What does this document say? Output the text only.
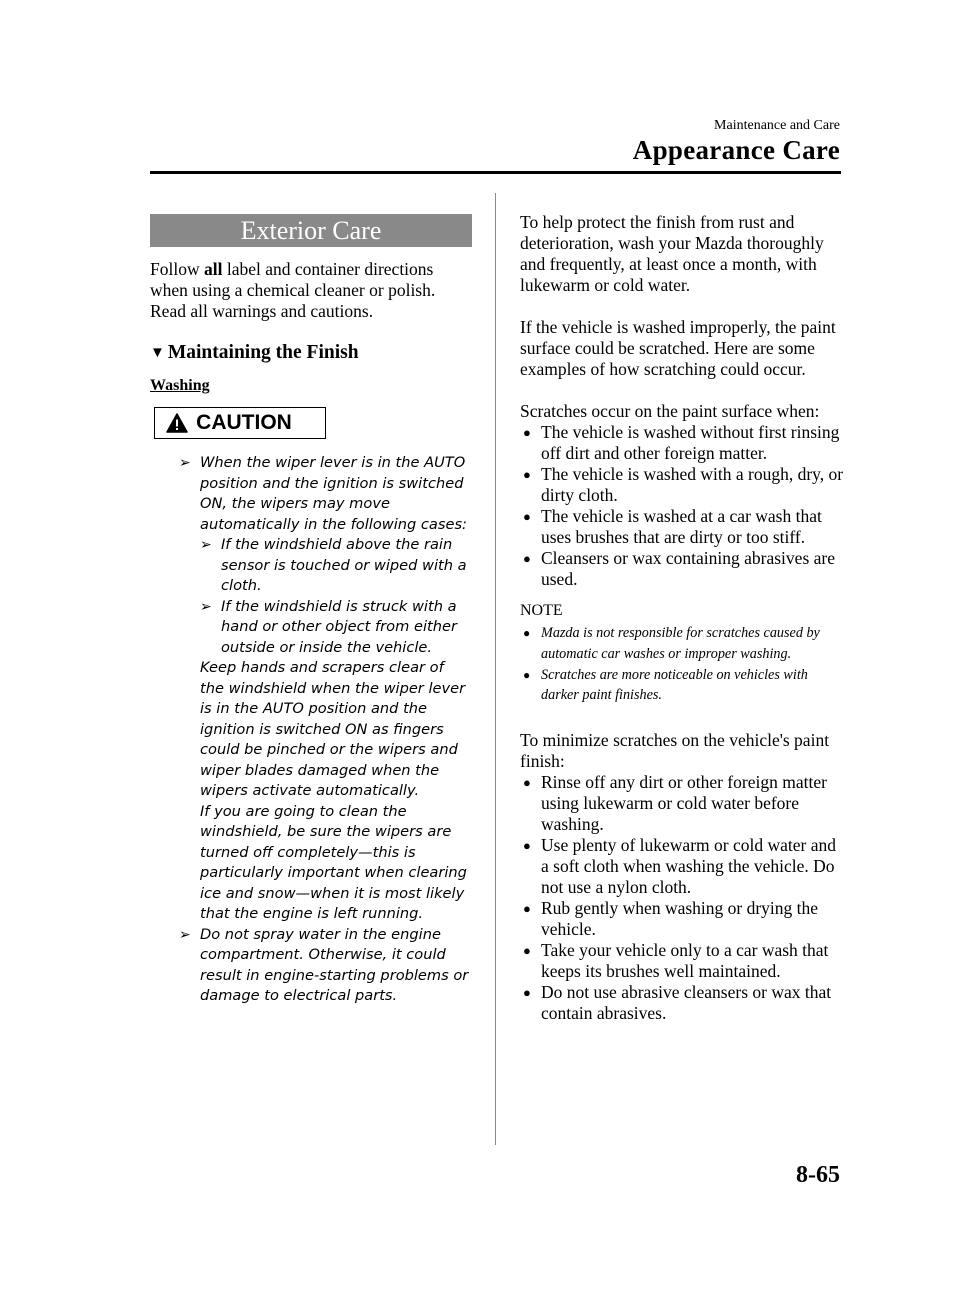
Maintenance and Care
Appearance Care
Exterior Care
Follow all label and container directions when using a chemical cleaner or polish. Read all warnings and cautions.
▼ Maintaining the Finish
Washing
CAUTION
➢ When the wiper lever is in the AUTO position and the ignition is switched ON, the wipers may move automatically in the following cases:
➢ If the windshield above the rain sensor is touched or wiped with a cloth.
➢ If the windshield is struck with a hand or other object from either outside or inside the vehicle.
Keep hands and scrapers clear of the windshield when the wiper lever is in the AUTO position and the ignition is switched ON as fingers could be pinched or the wipers and wiper blades damaged when the wipers activate automatically.
If you are going to clean the windshield, be sure the wipers are turned off completely—this is particularly important when clearing ice and snow—when it is most likely that the engine is left running.
➢ Do not spray water in the engine compartment. Otherwise, it could result in engine-starting problems or damage to electrical parts.

To help protect the finish from rust and deterioration, wash your Mazda thoroughly and frequently, at least once a month, with lukewarm or cold water.

If the vehicle is washed improperly, the paint surface could be scratched. Here are some examples of how scratching could occur.

Scratches occur on the paint surface when:

● The vehicle is washed without first rinsing off dirt and other foreign matter.
● The vehicle is washed with a rough, dry, or dirty cloth.
● The vehicle is washed at a car wash that uses brushes that are dirty or too stiff.
● Cleansers or wax containing abrasives are used.
NOTE
● Mazda is not responsible for scratches caused by automatic car washes or improper washing.
● Scratches are more noticeable on vehicles with darker paint finishes.

To minimize scratches on the vehicle's paint finish:

● Rinse off any dirt or other foreign matter using lukewarm or cold water before washing.
● Use plenty of lukewarm or cold water and a soft cloth when washing the vehicle. Do not use a nylon cloth.
● Rub gently when washing or drying the vehicle.
● Take your vehicle only to a car wash that keeps its brushes well maintained.
● Do not use abrasive cleansers or wax that contain abrasives.
8-65
